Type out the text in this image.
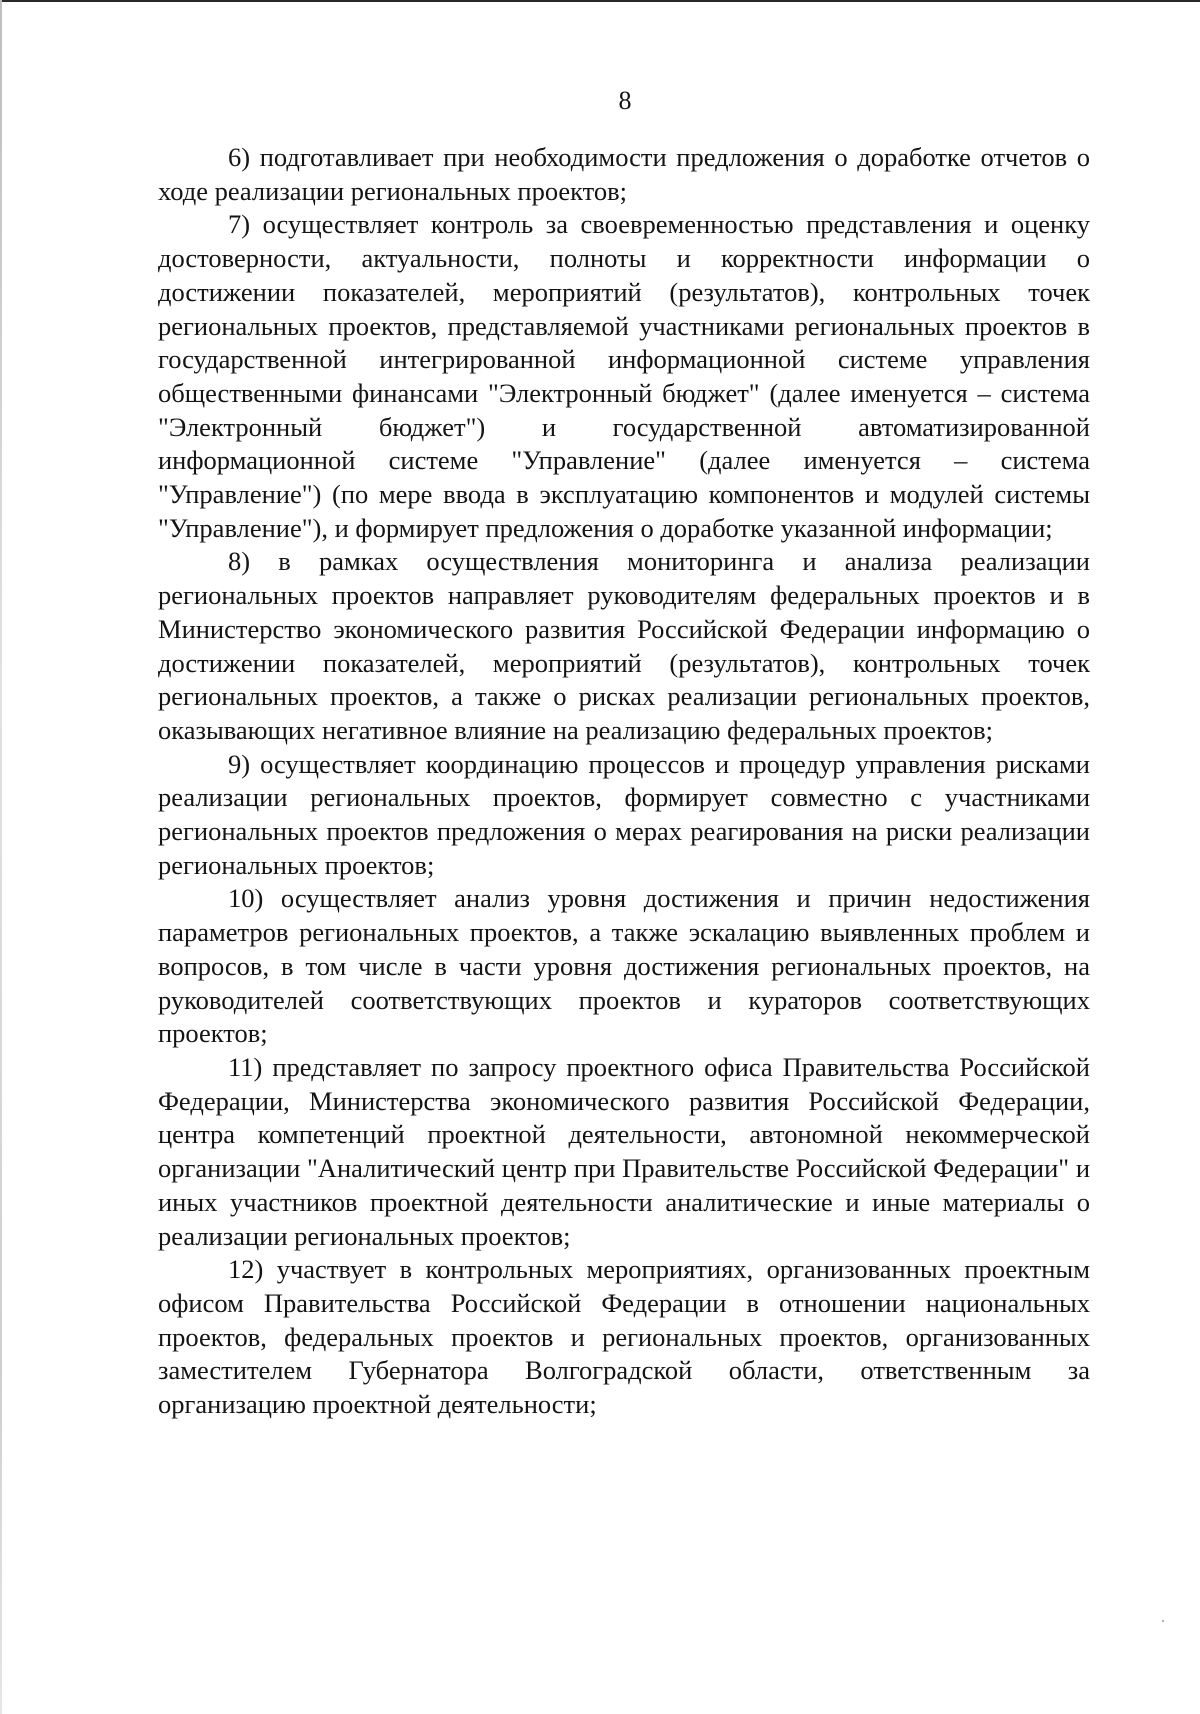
8

6) подготавливает при необходимости предложения о доработке отчетов о ходе реализации региональных проектов;

7) осуществляет контроль за своевременностью представления и оценку достоверности, актуальности, полноты и корректности информации о достижении показателей, мероприятий (результатов), контрольных точек региональных проектов, представляемой участниками региональных проектов в государственной интегрированной информационной системе управления общественными финансами "Электронный бюджет" (далее именуется – система "Электронный бюджет") и государственной автоматизированной информационной системе "Управление" (далее именуется – система "Управление") (по мере ввода в эксплуатацию компонентов и модулей системы "Управление"), и формирует предложения о доработке указанной информации;

8) в рамках осуществления мониторинга и анализа реализации региональных проектов направляет руководителям федеральных проектов и в Министерство экономического развития Российской Федерации информацию о достижении показателей, мероприятий (результатов), контрольных точек региональных проектов, а также о рисках реализации региональных проектов, оказывающих негативное влияние на реализацию федеральных проектов;

9) осуществляет координацию процессов и процедур управления рисками реализации региональных проектов, формирует совместно с участниками региональных проектов предложения о мерах реагирования на риски реализации региональных проектов;

10) осуществляет анализ уровня достижения и причин недостижения параметров региональных проектов, а также эскалацию выявленных проблем и вопросов, в том числе в части уровня достижения региональных проектов, на руководителей соответствующих проектов и кураторов соответствующих проектов;

11) представляет по запросу проектного офиса Правительства Российской Федерации, Министерства экономического развития Российской Федерации, центра компетенций проектной деятельности, автономной некоммерческой организации "Аналитический центр при Правительстве Российской Федерации" и иных участников проектной деятельности аналитические и иные материалы о реализации региональных проектов;

12) участвует в контрольных мероприятиях, организованных проектным офисом Правительства Российской Федерации в отношении национальных проектов, федеральных проектов и региональных проектов, организованных заместителем Губернатора Волгоградской области, ответственным за организацию проектной деятельности;
